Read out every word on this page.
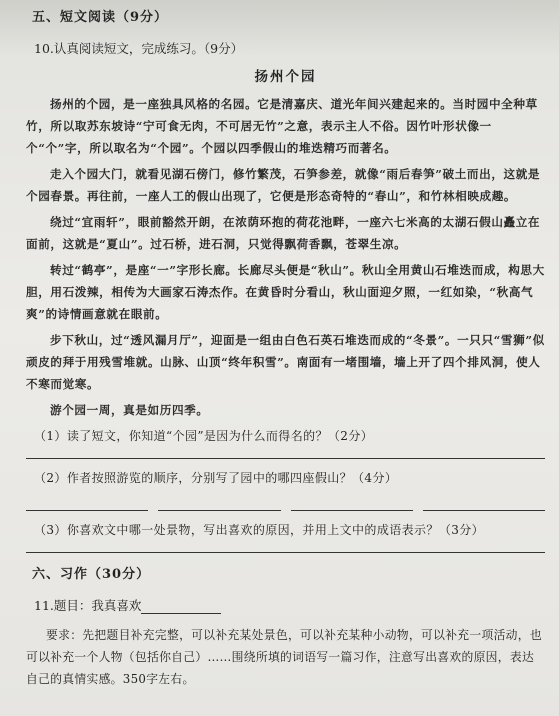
五、短文阅读（9分）
10.认真阅读短文，完成练习。（9分）
扬州个园

扬州的个园，是一座独具风格的名园。它是清嘉庆、道光年间兴建起来的。当时园中全种草竹，所以取苏东坡诗“宁可食无肉，不可居无竹”之意，表示主人不俗。因竹叶形状像一个“个”字，所以取名为“个园”。个园以四季假山的堆迭精巧而著名。

走入个园大门，就看见湖石傍门，修竹繁茂，石笋参差，就像“雨后春笋”破土而出，这就是个园春景。再往前，一座人工的假山出现了，它便是形态奇特的“春山”，和竹林相映成趣。

绕过“宜雨轩”，眼前豁然开朗，在浓荫环抱的荷花池畔，一座六七米高的太湖石假山矗立在面前，这就是“夏山”。过石桥，进石洞，只觉得飘荷香飘，苍翠生凉。

转过“鹤亭”，是座“一”字形长廊。长廊尽头便是“秋山”。秋山全用黄山石堆迭而成，构思大胆，用石泼辣，相传为大画家石涛杰作。在黄昏时分看山，秋山面迎夕照，一红如染，“秋高气爽”的诗情画意就在眼前。

步下秋山，过“透风漏月厅”，迎面是一组由白色石英石堆迭而成的“冬景”。一只只“雪狮”似顽皮的拜于用残雪堆就。山脉、山顶“终年积雪”。南面有一堵围墙，墙上开了四个排风洞，使人不寒而觉寒。

游个园一周，真是如历四季。

（1）读了短文，你知道“个园”是因为什么而得名的？（2分）
（2）作者按照游览的顺序，分别写了园中的哪四座假山？（4分）
（3）你喜欢文中哪一处景物，写出喜欢的原因，并用上文中的成语表示？（3分）
六、习作（30分）
11.题目：我真喜欢

要求：先把题目补充完整，可以补充某处景色，可以补充某种小动物，可以补充一项活动，也可以补充一个人物（包括你自己）……围绕所填的词语写一篇习作，注意写出喜欢的原因，表达自己的真情实感。350字左右。
